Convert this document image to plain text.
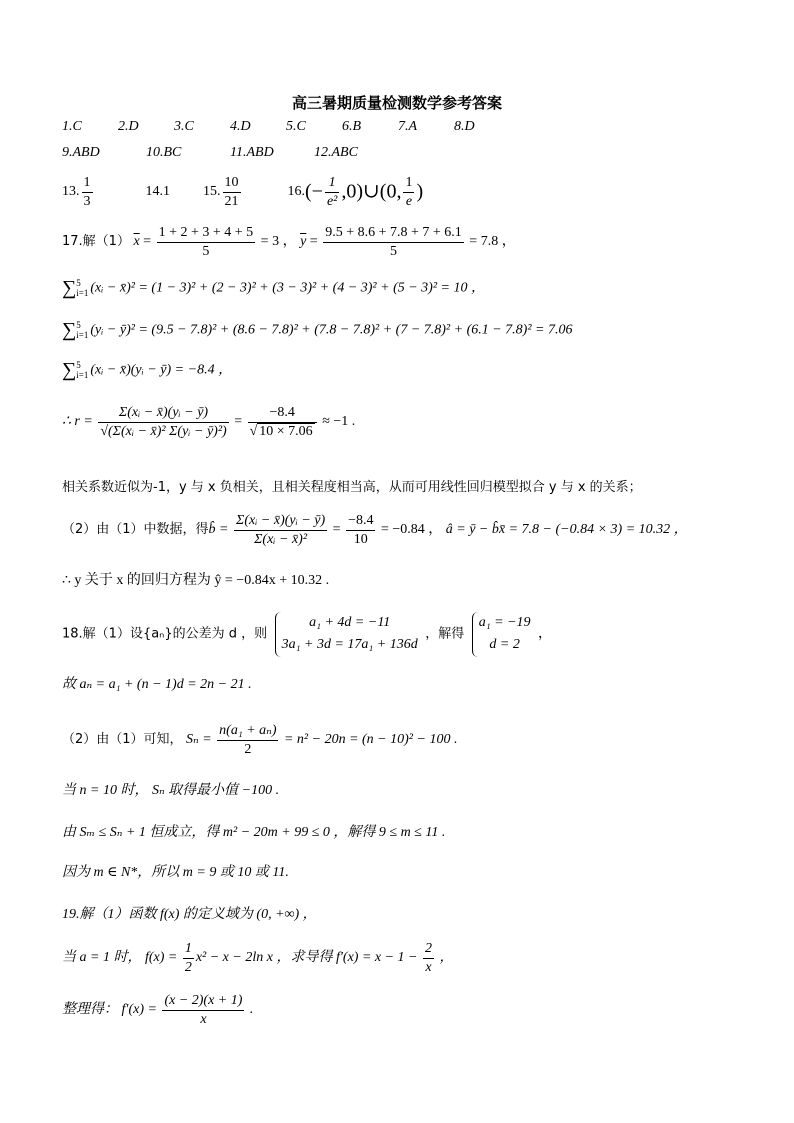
高三暑期质量检测数学参考答案
1.C	2.D	3.C	4.D	5.C	6.B	7.A	8.D
9.ABD	10.BC	11.ABD	12.ABC
13. $\frac{1}{3}$	14.1 15. $\frac{10}{21}$	$16.(- \frac{1}{\text{e²}}$ ,0)∪(0, $\frac{1}{e}$ )
17.解（1） $\overline{x} = \frac{1 + 2 + 3 + 4 + 5}{5} = 3$ ， $\overline{y} = \frac{9.5 + 8.6 + 7.8 + 7 + 6.1}{5} = 7.8$ ，
∑5
i=1 (xᵢ − x̄)² = (1 − 3)² + (2 − 3)² + (3 − 3)² + (4 − 3)² + (5 − 3)² = 10 ，
∑5
i=1 (yᵢ − ȳ)² = (9.5 − 7.8)² + (8.6 − 7.8)² + (7.8 − 7.8)² + (7 − 7.8)² + (6.1 − 7.8)² = 7.06
∑5
i=1 (xᵢ − x̄)(yᵢ − ȳ) = −8.4 ，
∴ $r = \frac{\text{Σ(xᵢ − x̄)(yᵢ − ȳ)}}{\text{√(Σ(xᵢ − x̄)² Σ(yᵢ − ȳ)²)}} = \frac{-8.4}{√ 10 \times 7.06} \approx -1$ .
相关系数近似为-1，y 与 x 负相关，且相关程度相当高，从而可用线性回归模型拟合 y 与 x 的关系；
（2）由（1）中数据，得b̂ = $\frac{\text{Σ(xᵢ − x̄)(yᵢ − ȳ)}}{\text{Σ(xᵢ − x̄)²}} = \frac{-8.4}{10} = -0.84$ ， â = ȳ − b̂x̄ = 7.8 − (−0.84 × 3) = 10.32 ，
∴ y 关于 x 的回归方程为 ŷ = −0.84x + 10.32 .
18.解（1）设{aₙ}的公差为 d ，则
a₁ + 4d = −11
3a₁ + 3d = 17a₁ + 136d
，解得
a₁ = −19
d = 2
，
故 aₙ = a₁ + (n − 1)d = 2n − 21 .
（2）由（1）可知， $S_n = \frac{\text{n(a₁ + aₙ)}}{2} = n^2 - 20n = (n - 10)^2 - 100$ .
当 n = 10 时， Sₙ 取得最小值 −100 .
由 Sₘ ≤ Sₙ + 1 恒成立，得 m² − 20m + 99 ≤ 0 ，解得 9 ≤ m ≤ 11 .
因为 m ∈ N*，所以 m = 9 或 10 或 11.
19.解（1）函数 f(x) 的定义域为 (0, +∞) ，
当 a = 1 时， $f(x) = \frac{1}{2} x^2 - x - 2\ln$ x ，求导得 $f'(x) = x - 1 - \frac{2}{x}$ ，
整理得： $f'(x) = \frac{(x - 2)(x + 1)}{x}$ .
